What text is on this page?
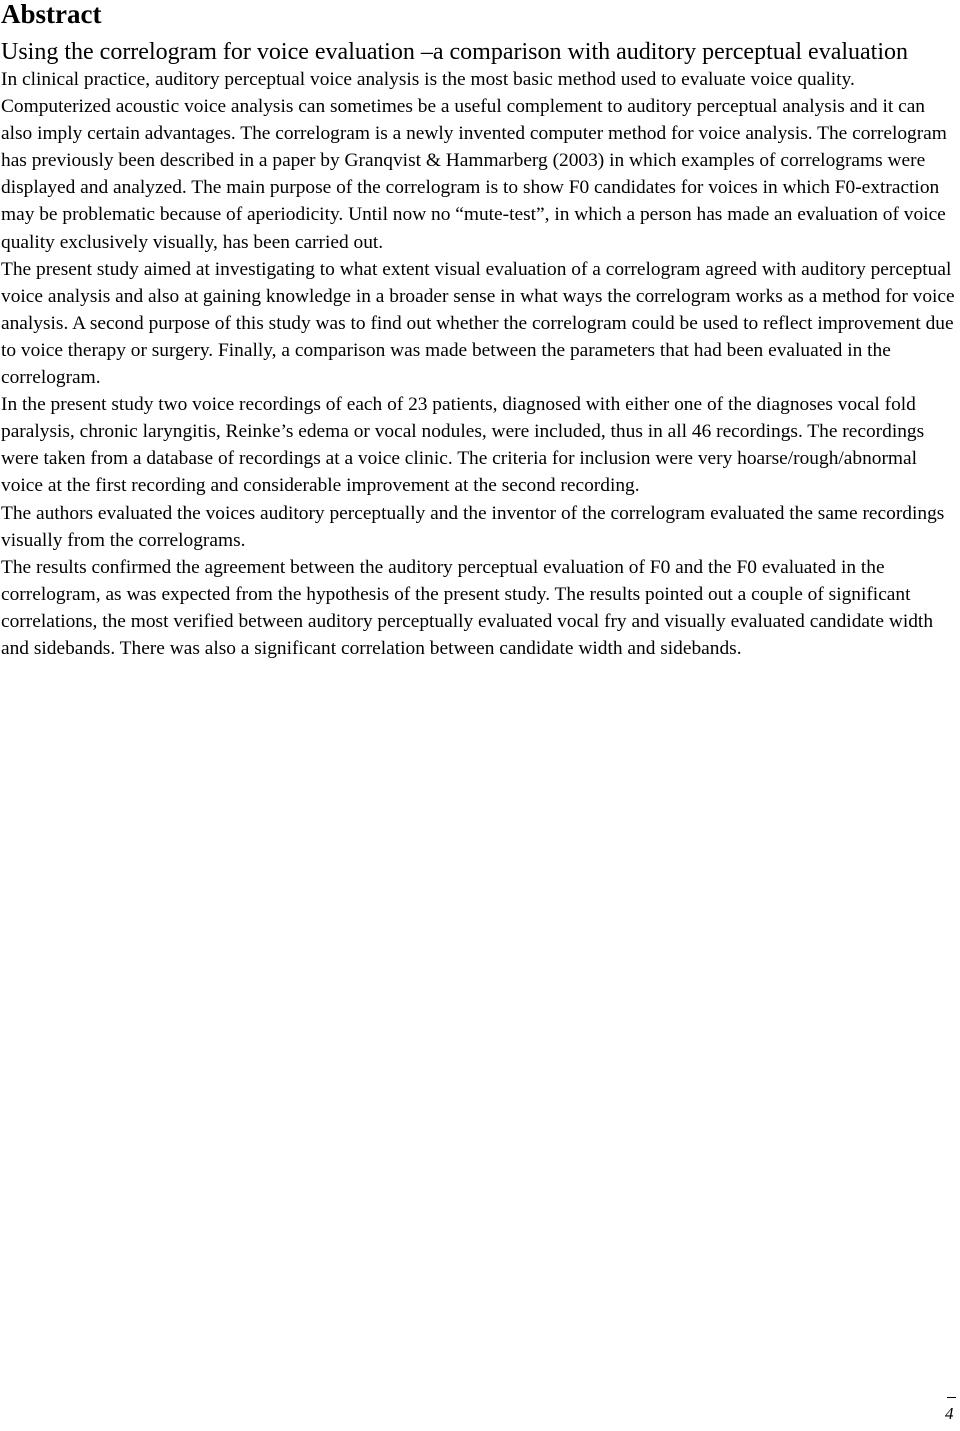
Abstract
Using the correlogram for voice evaluation –a comparison with auditory perceptual evaluation

In clinical practice, auditory perceptual voice analysis is the most basic method used to evaluate voice quality. Computerized acoustic voice analysis can sometimes be a useful complement to auditory perceptual analysis and it can also imply certain advantages. The correlogram is a newly invented computer method for voice analysis. The correlogram has previously been described in a paper by Granqvist & Hammarberg (2003) in which examples of correlograms were displayed and analyzed. The main purpose of the correlogram is to show F0 candidates for voices in which F0-extraction may be problematic because of aperiodicity. Until now no “mute-test”, in which a person has made an evaluation of voice quality exclusively visually, has been carried out.

The present study aimed at investigating to what extent visual evaluation of a correlogram agreed with auditory perceptual voice analysis and also at gaining knowledge in a broader sense in what ways the correlogram works as a method for voice analysis. A second purpose of this study was to find out whether the correlogram could be used to reflect improvement due to voice therapy or surgery. Finally, a comparison was made between the parameters that had been evaluated in the correlogram.

In the present study two voice recordings of each of 23 patients, diagnosed with either one of the diagnoses vocal fold paralysis, chronic laryngitis, Reinke’s edema or vocal nodules, were included, thus in all 46 recordings. The recordings were taken from a database of recordings at a voice clinic. The criteria for inclusion were very hoarse/rough/abnormal voice at the first recording and considerable improvement at the second recording.

The authors evaluated the voices auditory perceptually and the inventor of the correlogram evaluated the same recordings visually from the correlograms.

The results confirmed the agreement between the auditory perceptual evaluation of F0 and the F0 evaluated in the correlogram, as was expected from the hypothesis of the present study. The results pointed out a couple of significant correlations, the most verified between auditory perceptually evaluated vocal fry and visually evaluated candidate width and sidebands. There was also a significant correlation between candidate width and sidebands.

4
